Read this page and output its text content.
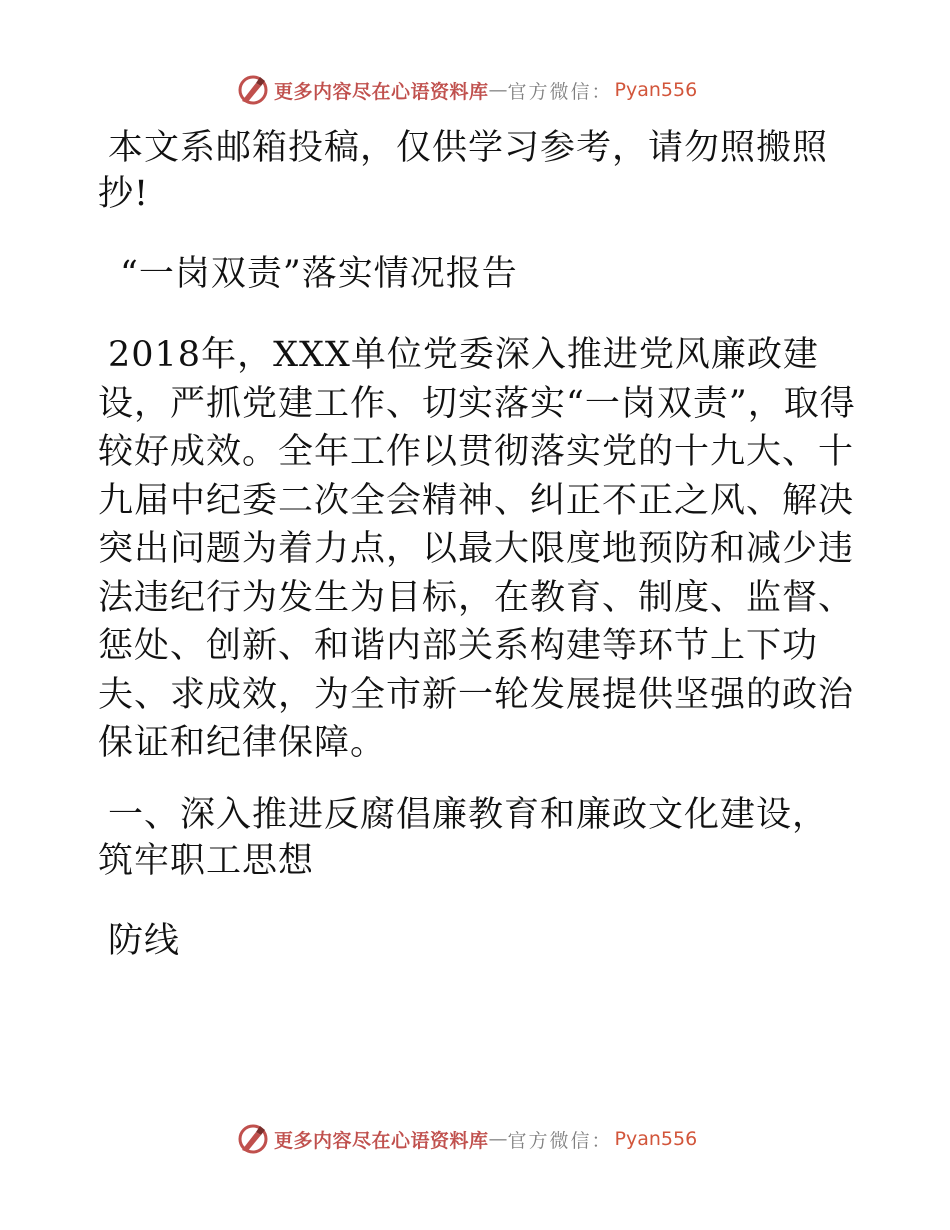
更多内容尽在心语资料库 — 官方微信： Pyan556

本文系邮箱投稿，仅供学习参考，请勿照搬照抄!

“一岗双责”落实情况报告

2018年，XXX单位党委深入推进党风廉政建设，严抓党建工作、切实落实“一岗双责”，取得较好成效。全年工作以贯彻落实党的十九大、十九届中纪委二次全会精神、纠正不正之风、解决突出问题为着力点，以最大限度地预防和减少违法违纪行为发生为目标，在教育、制度、监督、惩处、创新、和谐内部关系构建等环节上下功夫、求成效，为全市新一轮发展提供坚强的政治保证和纪律保障。

一、深入推进反腐倡廉教育和廉政文化建设，筑牢职工思想

防线

更多内容尽在心语资料库 — 官方微信： Pyan556
